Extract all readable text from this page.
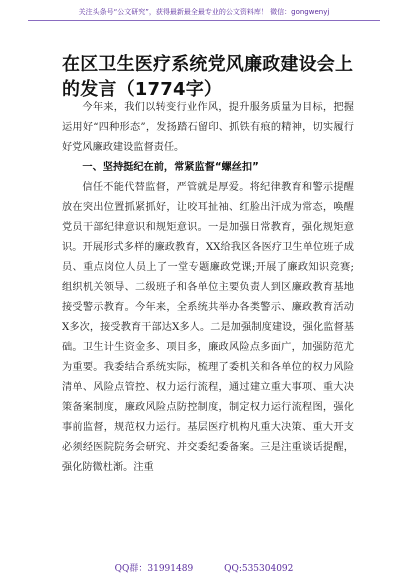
关注头条号“公文研究”，获得最新最全最专业的公文资料库！ 微信：gongwenyj
在区卫生医疗系统党风廉政建设会上的发言（1774字）

今年来，我们以转变行业作风，提升服务质量为目标，把握运用好“四种形态”，发扬踏石留印、抓铁有痕的精神，切实履行好党风廉政建设监督责任。

一、坚持挺纪在前，常紧监督“螺丝扣”

信任不能代替监督，严管就是厚爱。将纪律教育和警示提醒放在突出位置抓紧抓好，让咬耳扯袖、红脸出汗成为常态，唤醒党员干部纪律意识和规矩意识。一是加强日常教育，强化规矩意识。开展形式多样的廉政教育，XX给我区各医疗卫生单位班子成员、重点岗位人员上了一堂专题廉政党课;开展了廉政知识竞赛;组织机关领导、二级班子和各单位主要负责人到区廉政教育基地接受警示教育。今年来，全系统共举办各类警示、廉政教育活动X多次，接受教育干部达X多人。二是加强制度建设，强化监督基础。卫生计生资金多、项目多，廉政风险点多面广，加强防范尤为重要。我委结合系统实际，梳理了委机关和各单位的权力风险清单、风险点管控、权力运行流程，通过建立重大事项、重大决策备案制度，廉政风险点防控制度，制定权力运行流程图，强化事前监督，规范权力运行。基层医疗机构凡重大决策、重大开支必须经医院院务会研究、并交委纪委备案。三是注重谈话提醒，强化防微杜渐。注重

QQ群：31991489	QQ:535304092
